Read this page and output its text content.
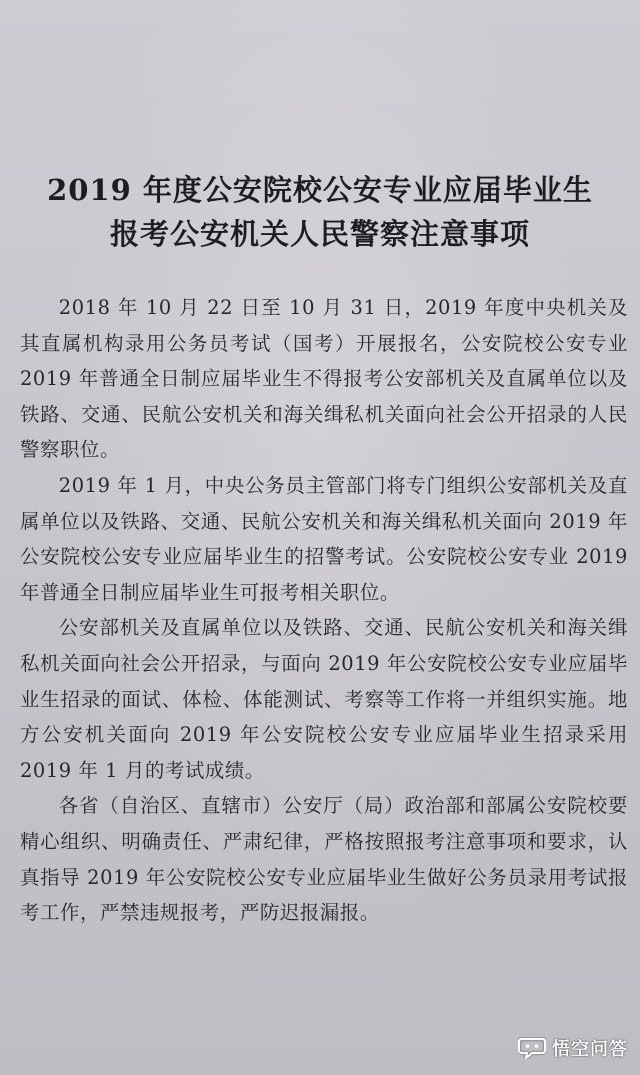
2019 年度公安院校公安专业应届毕业生
报考公安机关人民警察注意事项

2018 年 10 月 22 日至 10 月 31 日，2019 年度中央机关及其直属机构录用公务员考试（国考）开展报名，公安院校公安专业 2019 年普通全日制应届毕业生不得报考公安部机关及直属单位以及铁路、交通、民航公安机关和海关缉私机关面向社会公开招录的人民警察职位。

2019 年 1 月，中央公务员主管部门将专门组织公安部机关及直属单位以及铁路、交通、民航公安机关和海关缉私机关面向 2019 年公安院校公安专业应届毕业生的招警考试。公安院校公安专业 2019 年普通全日制应届毕业生可报考相关职位。

公安部机关及直属单位以及铁路、交通、民航公安机关和海关缉私机关面向社会公开招录，与面向 2019 年公安院校公安专业应届毕业生招录的面试、体检、体能测试、考察等工作将一并组织实施。地方公安机关面向 2019 年公安院校公安专业应届毕业生招录采用 2019 年 1 月的考试成绩。

各省（自治区、直辖市）公安厅（局）政治部和部属公安院校要精心组织、明确责任、严肃纪律，严格按照报考注意事项和要求，认真指导 2019 年公安院校公安专业应届毕业生做好公务员录用考试报考工作，严禁违规报考，严防迟报漏报。

悟空问答
